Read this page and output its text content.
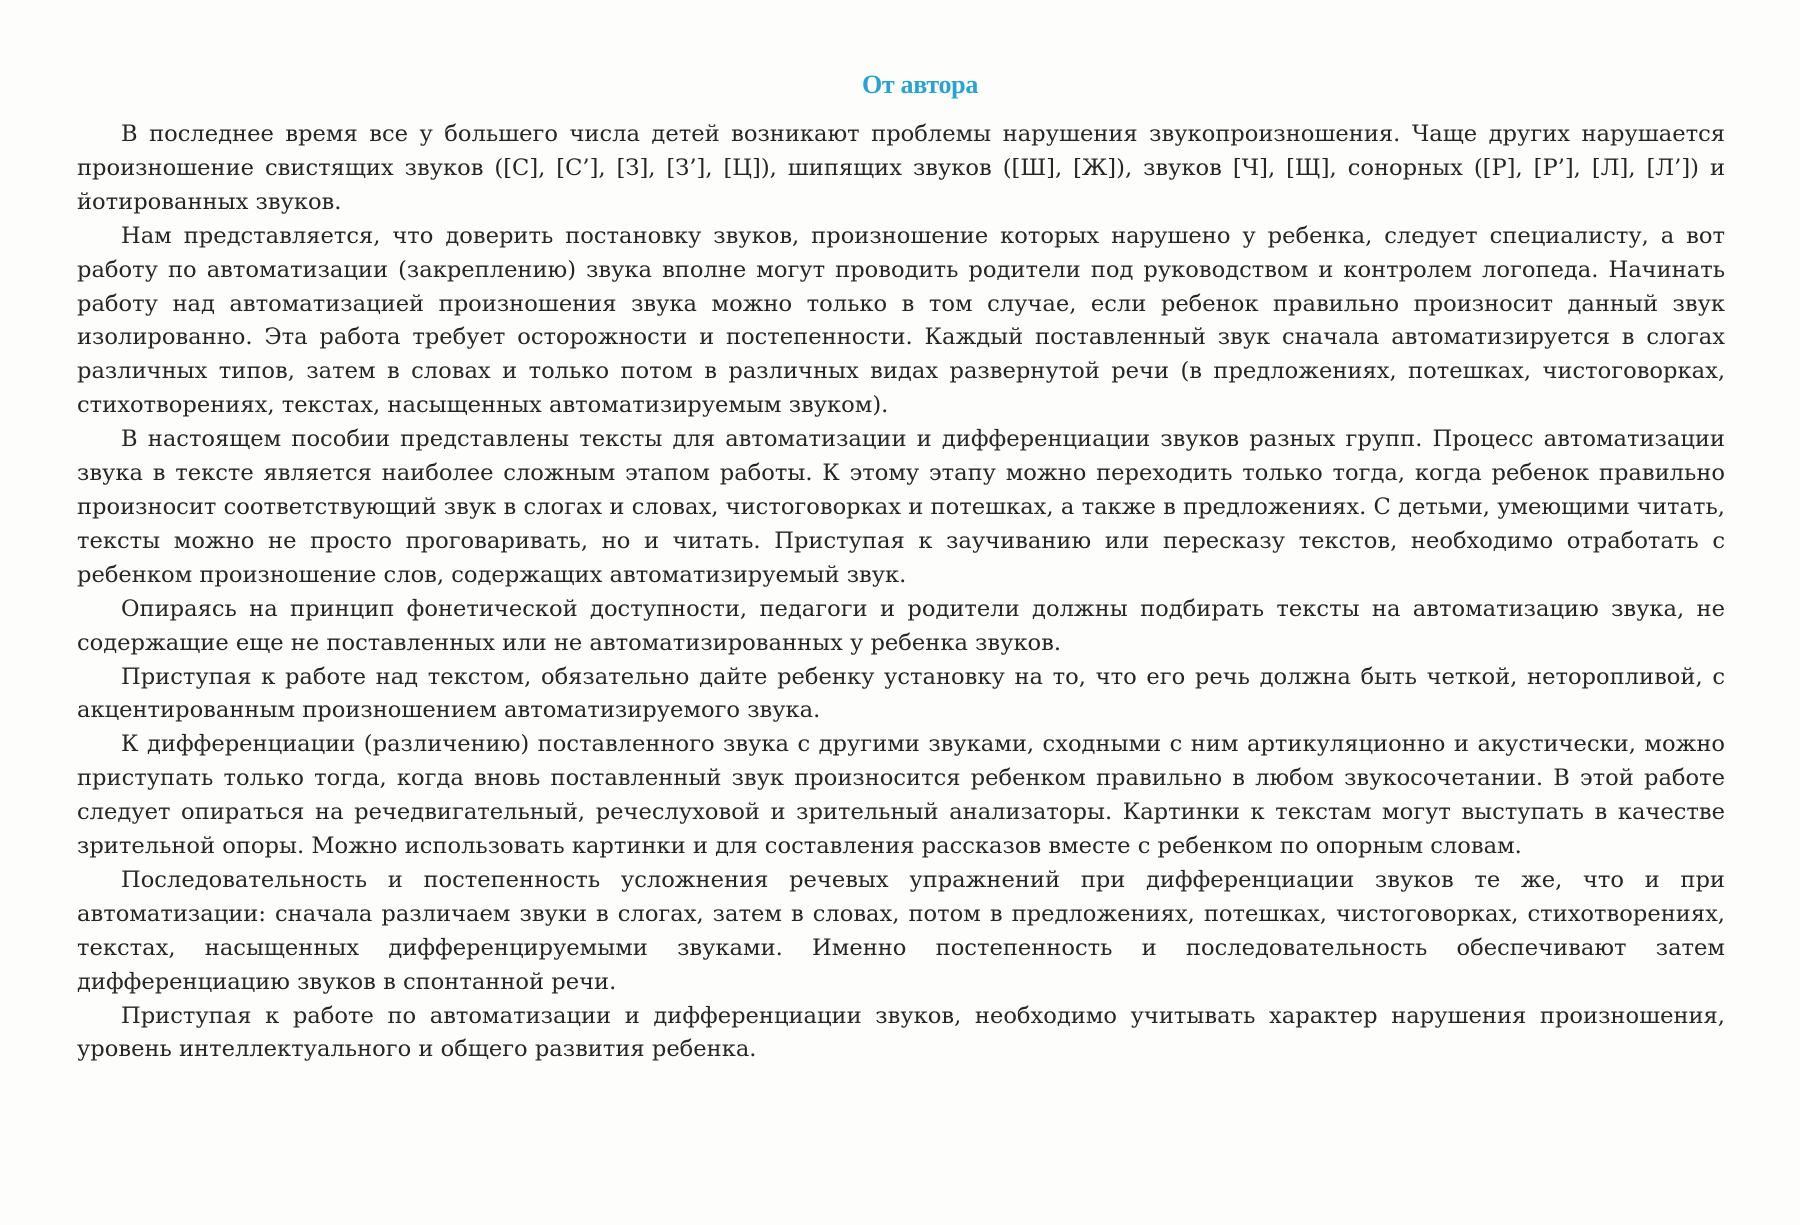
От автора

В последнее время все у большего числа детей возникают проблемы нарушения звукопроизношения. Чаще других нарушается произношение свистящих звуков ([С], [С’], [З], [З’], [Ц]), шипящих звуков ([Ш], [Ж]), звуков [Ч], [Щ], сонорных ([Р], [Р’], [Л], [Л’]) и йотированных звуков.

Нам представляется, что доверить постановку звуков, произношение которых нарушено у ребенка, следует специалисту, а вот работу по автоматизации (закреплению) звука вполне могут проводить родители под руководством и контролем логопеда. Начинать работу над автоматизацией произношения звука можно только в том случае, если ребенок правильно произносит данный звук изолированно. Эта работа требует осторожности и постепенности. Каждый поставленный звук сначала автоматизируется в слогах различных типов, затем в словах и только потом в различных видах развернутой речи (в предложениях, потешках, чистоговорках, стихотворениях, текстах, насыщенных автоматизируемым звуком).

В настоящем пособии представлены тексты для автоматизации и дифференциации звуков разных групп. Процесс автоматизации звука в тексте является наиболее сложным этапом работы. К этому этапу можно переходить только тогда, когда ребенок правильно произносит соответствующий звук в слогах и словах, чистоговорках и потешках, а также в предложениях. С детьми, умеющими читать, тексты можно не просто проговаривать, но и читать. Приступая к заучиванию или пересказу текстов, необходимо отработать с ребенком произношение слов, содержащих автоматизируемый звук.

Опираясь на принцип фонетической доступности, педагоги и родители должны подбирать тексты на автоматизацию звука, не содержащие еще не поставленных или не автоматизированных у ребенка звуков.

Приступая к работе над текстом, обязательно дайте ребенку установку на то, что его речь должна быть четкой, неторопливой, с акцентированным произношением автоматизируемого звука.

К дифференциации (различению) поставленного звука с другими звуками, сходными с ним артикуляционно и акустически, можно приступать только тогда, когда вновь поставленный звук произносится ребенком правильно в любом звукосочетании. В этой работе следует опираться на речедвигательный, речеслуховой и зрительный анализаторы. Картинки к текстам могут выступать в качестве зрительной опоры. Можно использовать картинки и для составления рассказов вместе с ребенком по опорным словам.

Последовательность и постепенность усложнения речевых упражнений при дифференциации звуков те же, что и при автоматизации: сначала различаем звуки в слогах, затем в словах, потом в предложениях, потешках, чистоговорках, стихотворениях, текстах, насыщенных дифференцируемыми звуками. Именно постепенность и последовательность обеспечивают затем дифференциацию звуков в спонтанной речи.

Приступая к работе по автоматизации и дифференциации звуков, необходимо учитывать характер нарушения произношения, уровень интеллектуального и общего развития ребенка.
